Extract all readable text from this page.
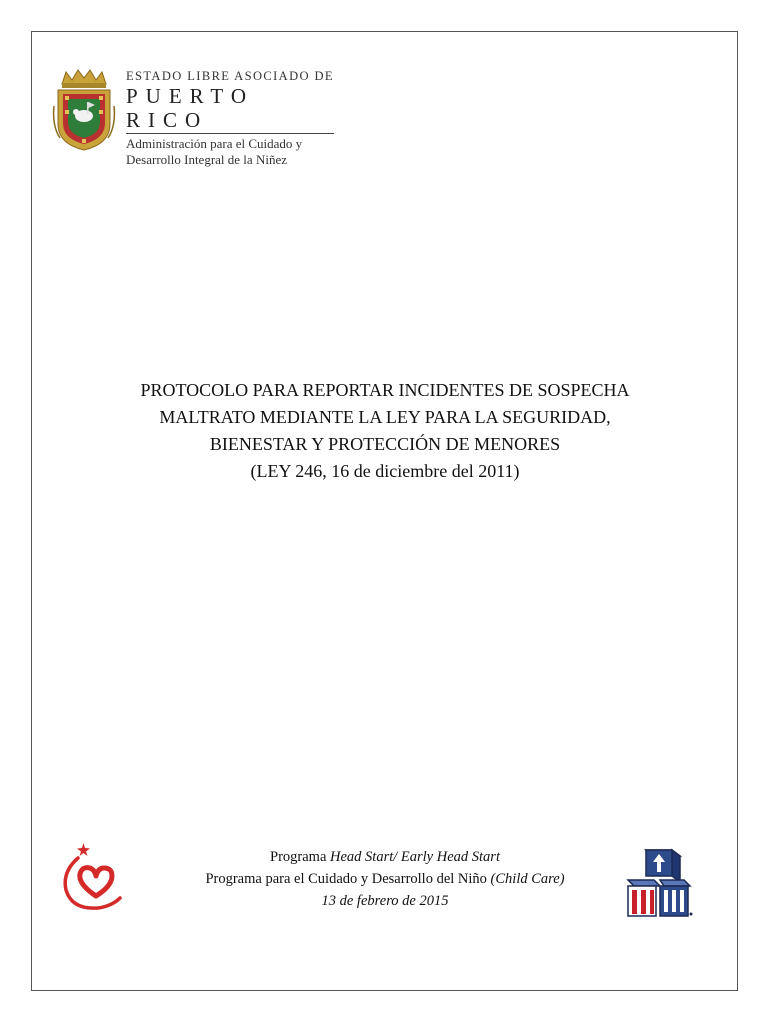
ESTADO LIBRE ASOCIADO DE
PUERTO RICO
Administración para el Cuidado y
Desarrollo Integral de la Niñez
PROTOCOLO PARA REPORTAR INCIDENTES DE SOSPECHA
MALTRATO MEDIANTE LA LEY PARA LA SEGURIDAD,
BIENESTAR Y PROTECCIÓN DE MENORES
(LEY 246, 16 de diciembre del 2011)
Programa Head Start/ Early Head Start
Programa para el Cuidado y Desarrollo del Niño (Child Care)
13 de febrero de 2015
